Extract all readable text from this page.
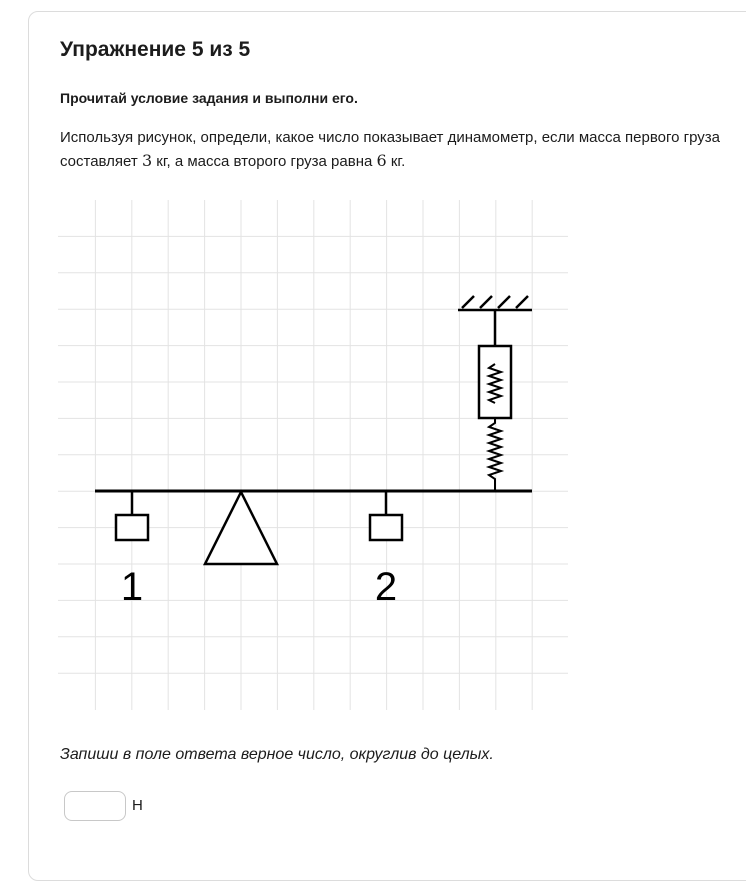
Упражнение 5 из 5

Прочитай условие задания и выполни его.

Используя рисунок, определи, какое число показывает динамометр, если масса первого груза составляет 3 кг, а масса второго груза равна 6 кг.

1	2

Запиши в поле ответа верное число, округлив до целых.

Н
